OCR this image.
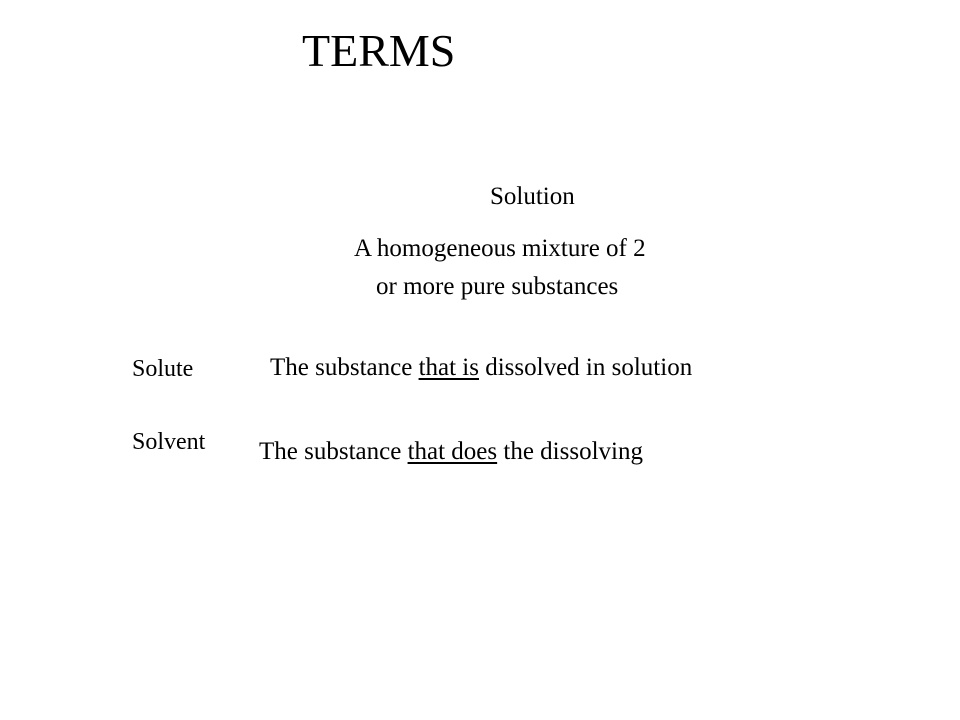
TERMS
Solution
A homogeneous mixture of 2
or more pure substances
Solute	The substance that is dissolved in solution
Solvent The substance that does the dissolving
